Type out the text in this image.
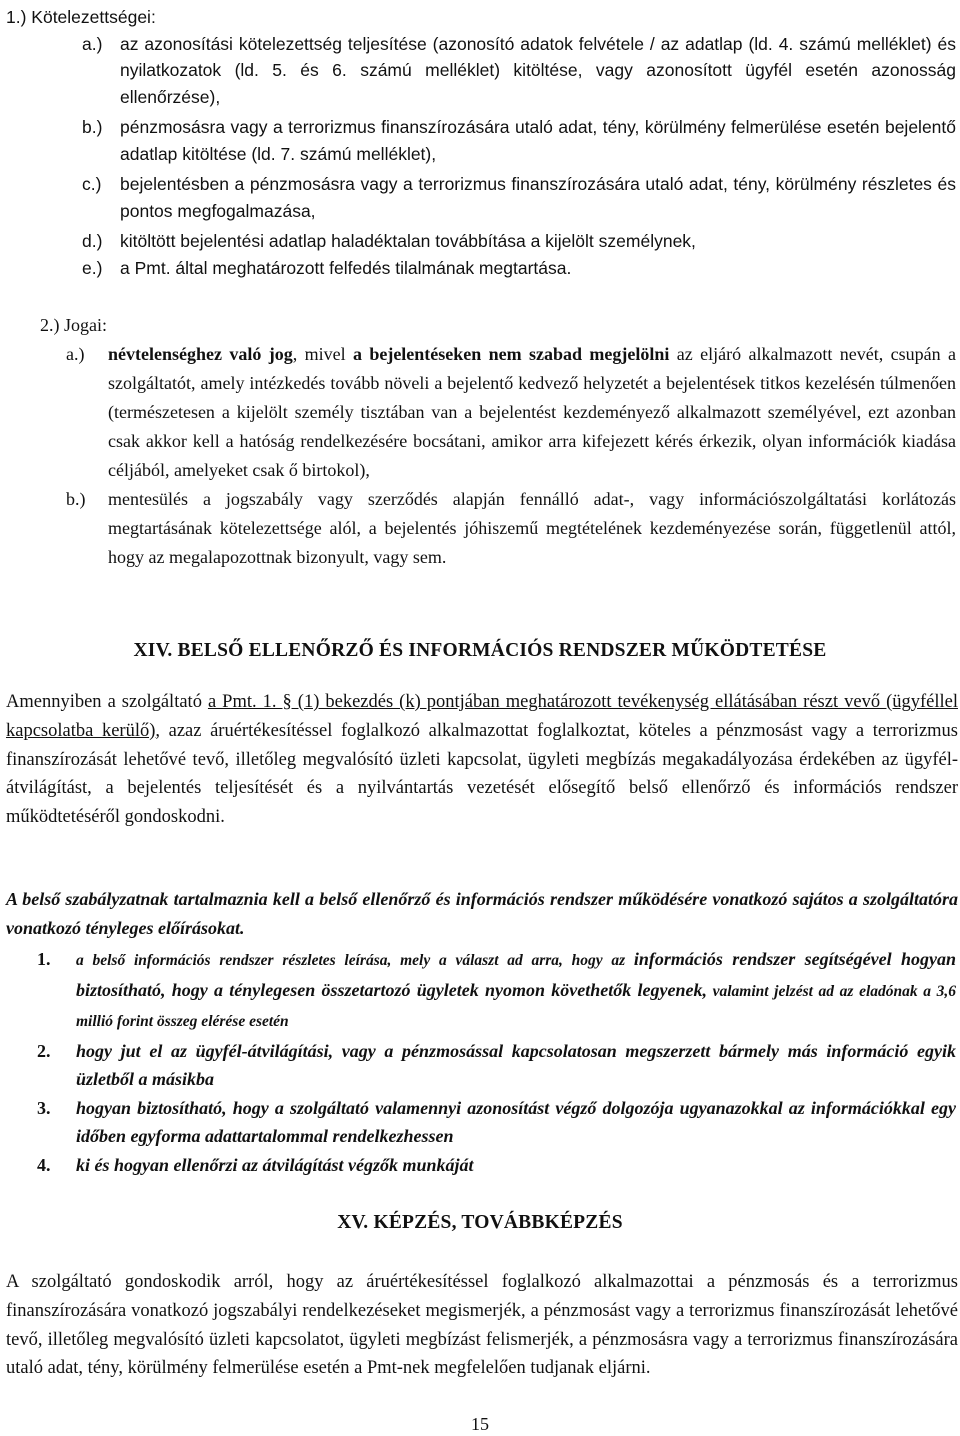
1.) Kötelezettségei:
a.) az azonosítási kötelezettség teljesítése (azonosító adatok felvétele / az adatlap (ld. 4. számú melléklet) és nyilatkozatok (ld. 5. és 6. számú melléklet) kitöltése, vagy azonosított ügyfél esetén azonosság ellenőrzése),
b.) pénzmosásra vagy a terrorizmus finanszírozására utaló adat, tény, körülmény felmerülése esetén bejelentő adatlap kitöltése (ld. 7. számú melléklet),
c.) bejelentésben a pénzmosásra vagy a terrorizmus finanszírozására utaló adat, tény, körülmény részletes és pontos megfogalmazása,
d.) kitöltött bejelentési adatlap haladéktalan továbbítása a kijelölt személynek,
e.) a Pmt. által meghatározott felfedés tilalmának megtartása.
2.) Jogai:
a.) névtelenséghez való jog, mivel a bejelentéseken nem szabad megjelölni az eljáró alkalmazott nevét, csupán a szolgáltatót, amely intézkedés tovább növeli a bejelentő kedvező helyzetét a bejelentések titkos kezelésén túlmenően (természetesen a kijelölt személy tisztában van a bejelentést kezdeményező alkalmazott személyével, ezt azonban csak akkor kell a hatóság rendelkezésére bocsátani, amikor arra kifejezett kérés érkezik, olyan információk kiadása céljából, amelyeket csak ő birtokol),
b.) mentesülés a jogszabály vagy szerződés alapján fennálló adat-, vagy információszolgáltatási korlátozás megtartásának kötelezettsége alól, a bejelentés jóhiszemű megtételének kezdeményezése során, függetlenül attól, hogy az megalapozottnak bizonyult, vagy sem.
XIV. BELSŐ ELLENŐRZŐ ÉS INFORMÁCIÓS RENDSZER MŰKÖDTETÉSE
Amennyiben a szolgáltató a Pmt. 1. § (1) bekezdés (k) pontjában meghatározott tevékenység ellátásában részt vevő (ügyféllel kapcsolatba kerülő), azaz áruértékesítéssel foglalkozó alkalmazottat foglalkoztat, köteles a pénzmosást vagy a terrorizmus finanszírozását lehetővé tevő, illetőleg megvalósító üzleti kapcsolat, ügyleti megbízás megakadályozása érdekében az ügyfél-átvilágítást, a bejelentés teljesítését és a nyilvántartás vezetését elősegítő belső ellenőrző és információs rendszer működtetéséről gondoskodni.
A belső szabályzatnak tartalmaznia kell a belső ellenőrző és információs rendszer működésére vonatkozó sajátos a szolgáltatóra vonatkozó tényleges előírásokat.
1. a belső információs rendszer részletes leírása, mely a választ ad arra, hogy az információs rendszer segítségével hogyan biztosítható, hogy a ténylegesen összetartozó ügyletek nyomon követhetők legyenek, valamint jelzést ad az eladónak a 3,6 millió forint összeg elérése esetén
2. hogy jut el az ügyfél-átvilágítási, vagy a pénzmosással kapcsolatosan megszerzett bármely más információ egyik üzletből a másikba
3. hogyan biztosítható, hogy a szolgáltató valamennyi azonosítást végző dolgozója ugyanazokkal az információkkal egy időben egyforma adattartalommal rendelkezhessen
4. ki és hogyan ellenőrzi az átvilágítást végzők munkáját
XV. KÉPZÉS, TOVÁBBKÉPZÉS
A szolgáltató gondoskodik arról, hogy az áruértékesítéssel foglalkozó alkalmazottai a pénzmosás és a terrorizmus finanszírozására vonatkozó jogszabályi rendelkezéseket megismerjék, a pénzmosást vagy a terrorizmus finanszírozását lehetővé tevő, illetőleg megvalósító üzleti kapcsolatot, ügyleti megbízást felismerjék, a pénzmosásra vagy a terrorizmus finanszírozására utaló adat, tény, körülmény felmerülése esetén a Pmt-nek megfelelően tudjanak eljárni.
15
